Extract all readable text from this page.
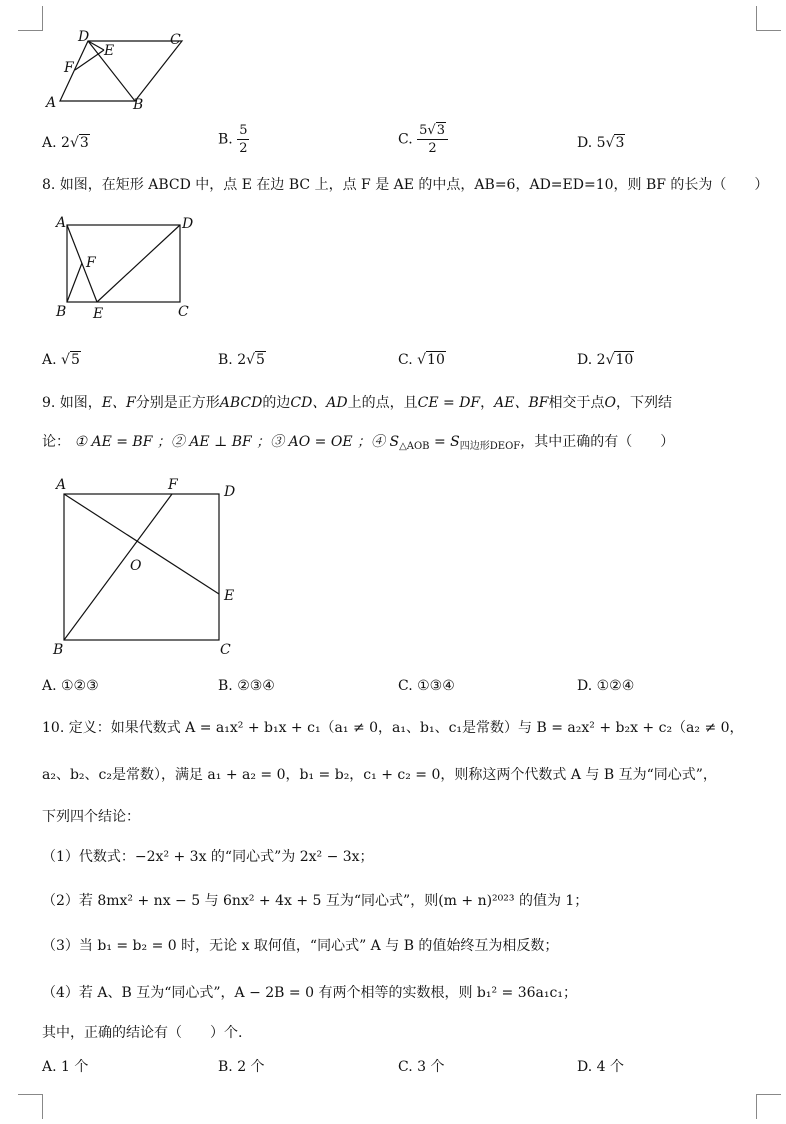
D
E
C
F
A	B
A. 2√3	B. $\frac{5}{2}$	C. $\frac{5√3}{2}$	D. 5√3
8. 如图，在矩形 ABCD 中，点 E 在边 BC 上，点 F 是 AE 的中点，AB=6，AD=ED=10，则 BF 的长为（　　）
A	D
F
B E	C
A. √5	B. 2√5	C. √10	D. 2√10
9. 如图，E、F分别是正方形ABCD的边CD、AD上的点，且CE = DF，AE、BF相交于点O，下列结
论： ① AE = BF ；② AE ⊥ BF ；③ AO = OE ；④ $S_{\triangle AOB} = S_{四边形DEOF}$，其中正确的有（　　）
A	F	D
O
E
B	C
A. ①②③	B. ②③④	C. ①③④	D. ①②④
10. 定义：如果代数式 A = a₁x² + b₁x + c₁（a₁ ≠ 0，a₁、b₁、c₁是常数）与 B = a₂x² + b₂x + c₂（a₂ ≠ 0，
a₂、b₂、c₂是常数），满足 a₁ + a₂ = 0，b₁ = b₂，c₁ + c₂ = 0，则称这两个代数式 A 与 B 互为“同心式”，
下列四个结论：
（1）代数式：−2x² + 3x 的“同心式”为 2x² − 3x；
（2）若 8mx² + nx − 5 与 6nx² + 4x + 5 互为“同心式”，则(m + n)²⁰²³ 的值为 1；
（3）当 b₁ = b₂ = 0 时，无论 x 取何值，“同心式” A 与 B 的值始终互为相反数；
（4）若 A、B 互为“同心式”，A − 2B = 0 有两个相等的实数根，则 b₁² = 36a₁c₁；
其中，正确的结论有（　　）个.
A. 1 个	B. 2 个	C. 3 个	D. 4 个
